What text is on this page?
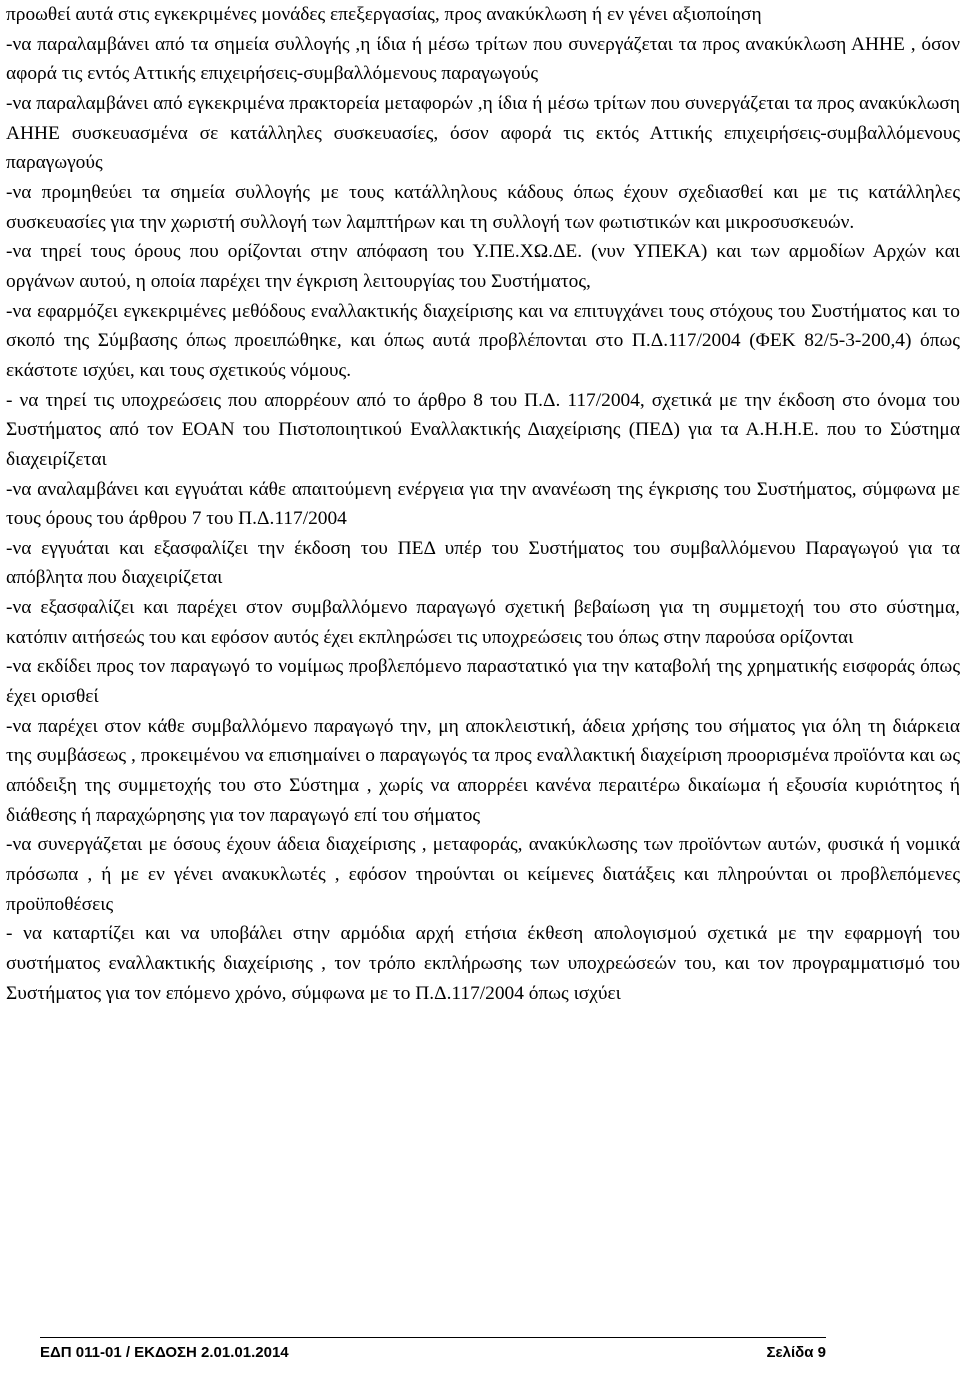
προωθεί αυτά στις εγκεκριμένες μονάδες επεξεργασίας, προς ανακύκλωση ή εν γένει αξιοποίηση

-να παραλαμβάνει από τα σημεία συλλογής ,η ίδια ή μέσω τρίτων που συνεργάζεται τα προς ανακύκλωση ΑΗΗΕ , όσον αφορά τις εντός Αττικής επιχειρήσεις-συμβαλλόμενους παραγωγούς

-να παραλαμβάνει από εγκεκριμένα πρακτορεία μεταφορών ,η ίδια ή μέσω τρίτων που συνεργάζεται τα προς ανακύκλωση ΑΗΗΕ συσκευασμένα σε κατάλληλες συσκευασίες, όσον αφορά τις εκτός Αττικής επιχειρήσεις-συμβαλλόμενους παραγωγούς

-να προμηθεύει τα σημεία συλλογής με τους κατάλληλους κάδους όπως έχουν σχεδιασθεί και με τις κατάλληλες συσκευασίες για την χωριστή συλλογή των λαμπτήρων και τη συλλογή των φωτιστικών και μικροσυσκευών.

-να τηρεί τους όρους που ορίζονται στην απόφαση του Υ.ΠΕ.ΧΩ.ΔΕ. (νυν ΥΠΕΚΑ) και των αρμοδίων Αρχών και οργάνων αυτού, η οποία παρέχει την έγκριση λειτουργίας του Συστήματος,

-να εφαρμόζει εγκεκριμένες μεθόδους εναλλακτικής διαχείρισης και να επιτυγχάνει τους στόχους του Συστήματος και το σκοπό της Σύμβασης όπως προειπώθηκε, και όπως αυτά προβλέπονται στο Π.Δ.117/2004 (ΦΕΚ 82/5-3-200,4) όπως εκάστοτε ισχύει, και τους σχετικούς νόμους.

- να τηρεί τις υποχρεώσεις που απορρέουν από το άρθρο 8 του Π.Δ. 117/2004, σχετικά με την έκδοση στο όνομα του Συστήματος από τον ΕΟΑΝ του Πιστοποιητικού Εναλλακτικής Διαχείρισης (ΠΕΔ) για τα Α.Η.Η.Ε. που το Σύστημα διαχειρίζεται

-να αναλαμβάνει και εγγυάται κάθε απαιτούμενη ενέργεια για την ανανέωση της έγκρισης του Συστήματος, σύμφωνα με τους όρους του άρθρου 7 του Π.Δ.117/2004

-να εγγυάται και εξασφαλίζει την έκδοση του ΠΕΔ υπέρ του Συστήματος του συμβαλλόμενου Παραγωγού για τα απόβλητα που διαχειρίζεται

-να εξασφαλίζει και παρέχει στον συμβαλλόμενο παραγωγό σχετική βεβαίωση για τη συμμετοχή του στο σύστημα, κατόπιν αιτήσεώς του και εφόσον αυτός έχει εκπληρώσει τις υποχρεώσεις του όπως στην παρούσα ορίζονται

-να εκδίδει προς τον παραγωγό το νομίμως προβλεπόμενο παραστατικό για την καταβολή της χρηματικής εισφοράς όπως έχει ορισθεί

-να παρέχει στον κάθε συμβαλλόμενο παραγωγό την, μη αποκλειστική, άδεια χρήσης του σήματος για όλη τη διάρκεια της συμβάσεως , προκειμένου να επισημαίνει ο παραγωγός τα προς εναλλακτική διαχείριση προορισμένα προϊόντα και ως απόδειξη της συμμετοχής του στο Σύστημα , χωρίς να απορρέει κανένα περαιτέρω δικαίωμα ή εξουσία κυριότητος ή διάθεσης ή παραχώρησης για τον παραγωγό επί του σήματος

-να συνεργάζεται με όσους έχουν άδεια διαχείρισης , μεταφοράς, ανακύκλωσης των προϊόντων αυτών, φυσικά ή νομικά πρόσωπα , ή με εν γένει ανακυκλωτές , εφόσον τηρούνται οι κείμενες διατάξεις και πληρούνται οι προβλεπόμενες προϋποθέσεις

- να καταρτίζει και να υποβάλει στην αρμόδια αρχή ετήσια έκθεση απολογισμού σχετικά με την εφαρμογή του συστήματος εναλλακτικής διαχείρισης , τον τρόπο εκπλήρωσης των υποχρεώσεών του, και τον προγραμματισμό του Συστήματος για τον επόμενο χρόνο, σύμφωνα με το Π.Δ.117/2004 όπως ισχύει

ΕΔΠ 011-01 / ΕΚΔΟΣΗ 2.01.01.2014	Σελίδα 9
